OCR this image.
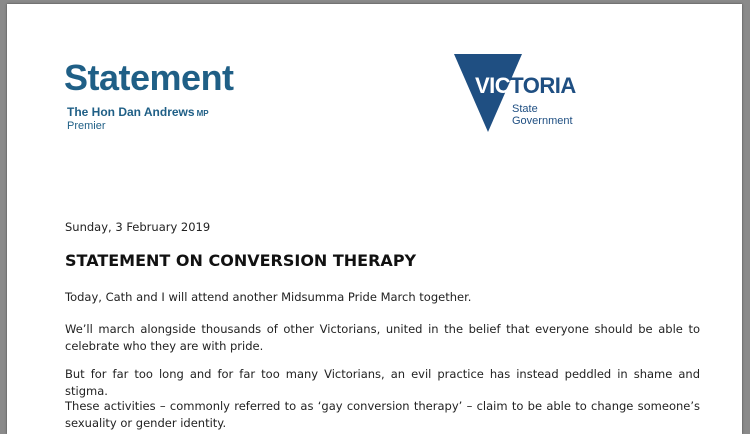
Statement
The Hon Dan Andrews MP
Premier
VICTORIA
State
Government
Sunday, 3 February 2019
STATEMENT ON CONVERSION THERAPY

Today, Cath and I will attend another Midsumma Pride March together.

We’ll march alongside thousands of other Victorians, united in the belief that everyone should be able to celebrate who they are with pride.

But for far too long and for far too many Victorians, an evil practice has instead peddled in shame and stigma.

These activities – commonly referred to as ‘gay conversion therapy’ – claim to be able to change someone’s sexuality or gender identity.
